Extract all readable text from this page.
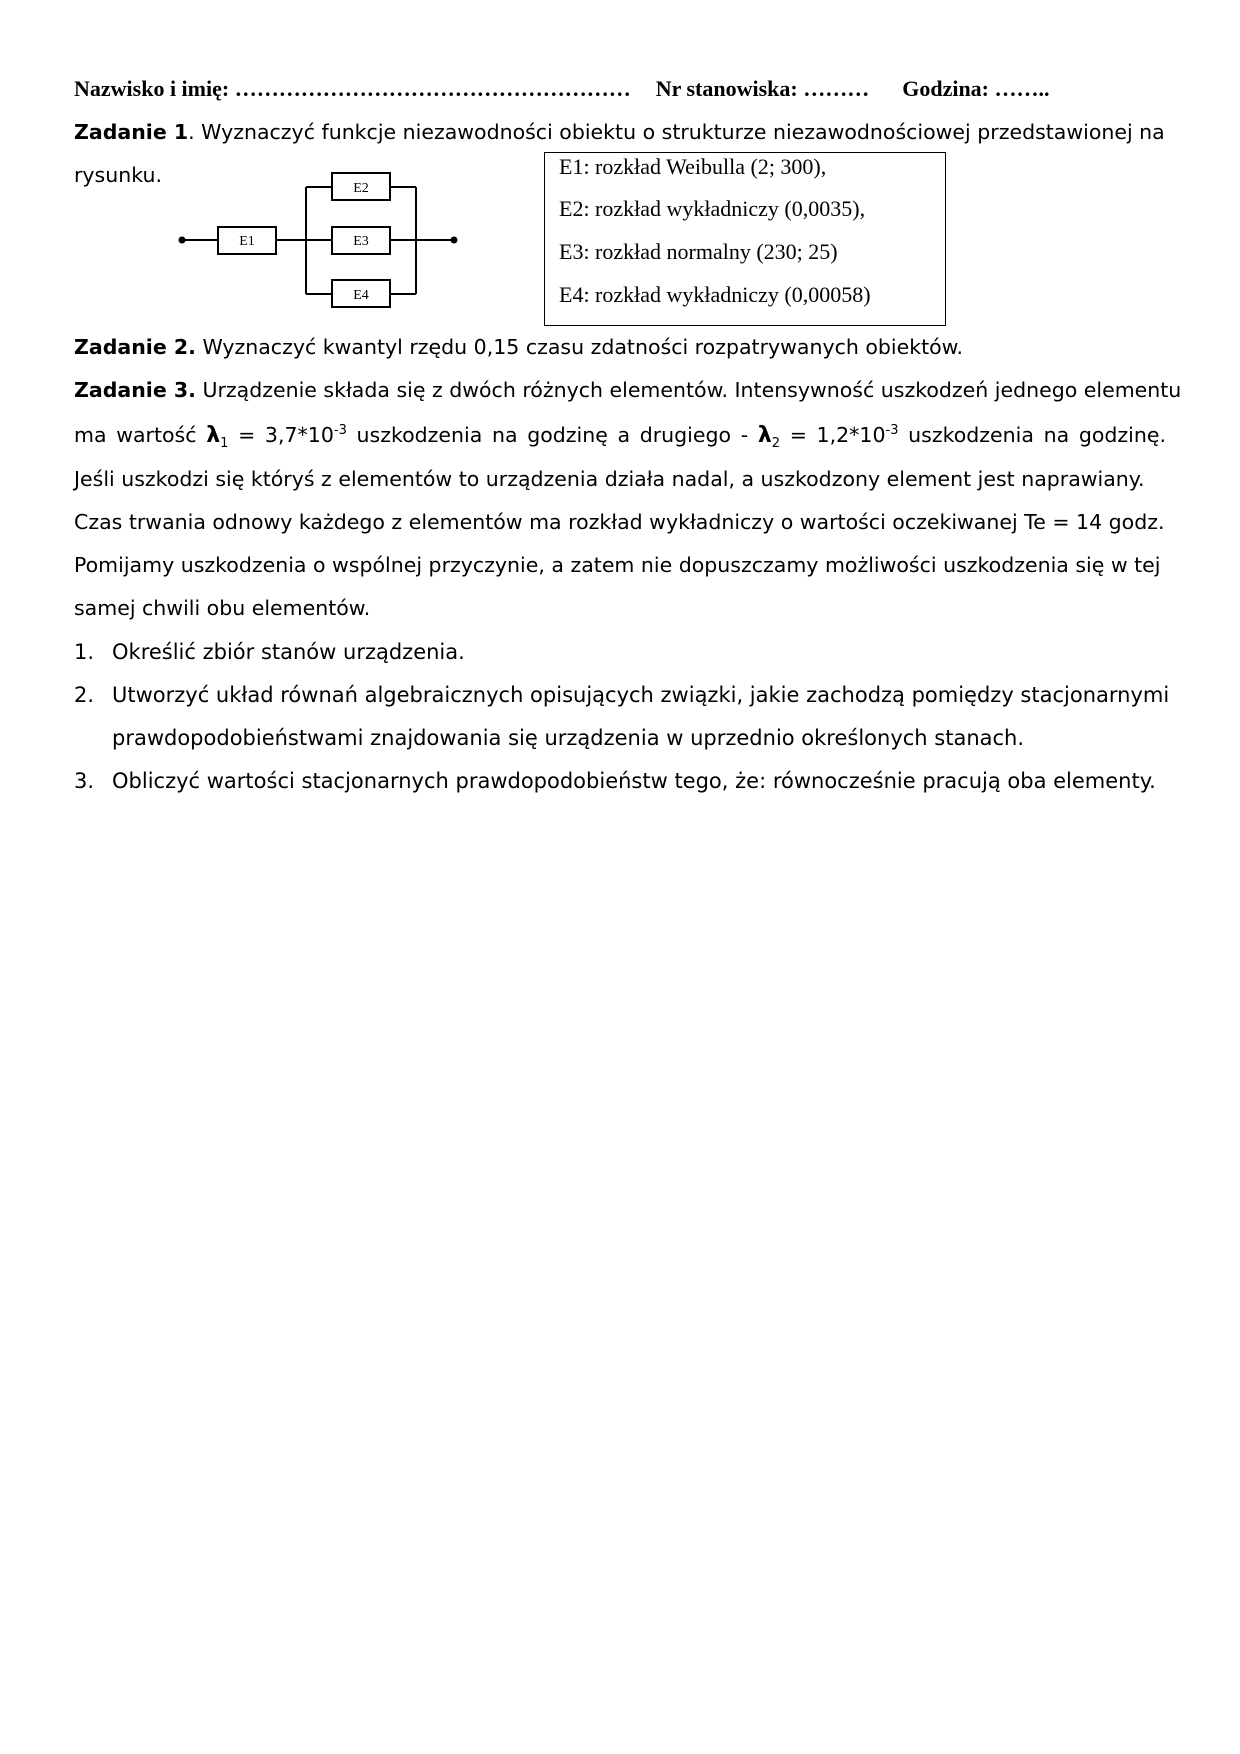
Nazwisko i imię: ……………………………………………… Nr stanowiska: ……… Godzina: ……..
Zadanie 1. Wyznaczyć funkcje niezawodności obiektu o strukturze niezawodnościowej przedstawionej na
rysunku.
E1
E2
E3
E4
E1: rozkład Weibulla (2; 300),
E2: rozkład wykładniczy (0,0035),
E3: rozkład normalny (230; 25)
E4: rozkład wykładniczy (0,00058)
Zadanie 2. Wyznaczyć kwantyl rzędu 0,15 czasu zdatności rozpatrywanych obiektów.
Zadanie 3. Urządzenie składa się z dwóch różnych elementów. Intensywność uszkodzeń jednego elementu
ma wartość $\lambda_1 = 3,7*10^{-3}$ uszkodzenia na godzinę a drugiego - $\lambda_2 = 1,2*10^{-3}$ uszkodzenia na godzinę.
Jeśli uszkodzi się któryś z elementów to urządzenia działa nadal, a uszkodzony element jest naprawiany.
Czas trwania odnowy każdego z elementów ma rozkład wykładniczy o wartości oczekiwanej Te = 14 godz.
Pomijamy uszkodzenia o wspólnej przyczynie, a zatem nie dopuszczamy możliwości uszkodzenia się w tej
samej chwili obu elementów.
1. Określić zbiór stanów urządzenia.
2. Utworzyć układ równań algebraicznych opisujących związki, jakie zachodzą pomiędzy stacjonarnymi
prawdopodobieństwami znajdowania się urządzenia w uprzednio określonych stanach.
3. Obliczyć wartości stacjonarnych prawdopodobieństw tego, że: równocześnie pracują oba elementy.
